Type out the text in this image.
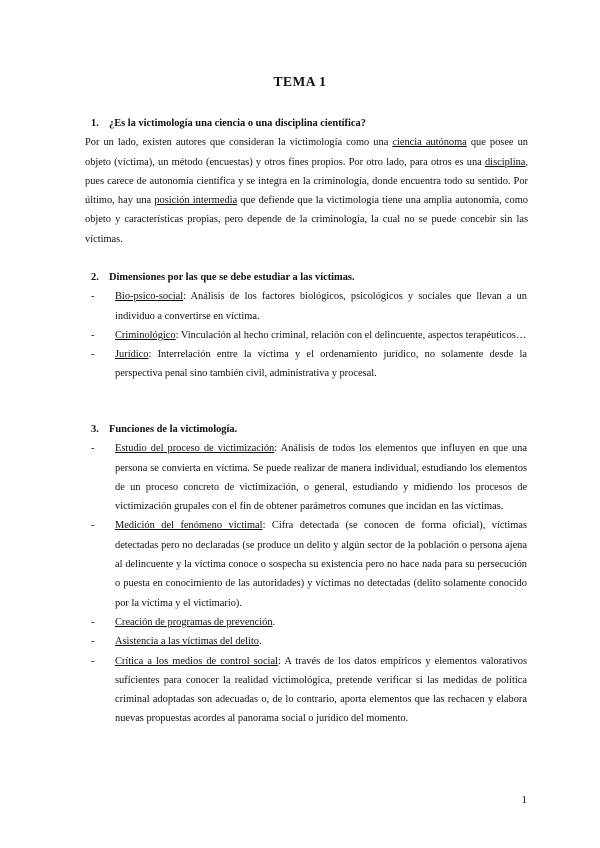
TEMA 1
1. ¿Es la victimología una ciencia o una disciplina científica?
Por un lado, existen autores que consideran la victimología como una ciencia autónoma que posee un objeto (víctima), un método (encuestas) y otros fines propios. Por otro lado, para otros es una disciplina, pues carece de autonomía científica y se integra en la criminología, donde encuentra todo su sentido. Por último, hay una posición intermedia que defiende que la victimología tiene una amplia autonomía, como objeto y características propias, pero depende de la criminología, la cual no se puede concebir sin las víctimas.
2. Dimensiones por las que se debe estudiar a las víctimas.
- Bio-psico-social: Análisis de los factores biológicos, psicológicos y sociales que llevan a un individuo a convertirse en víctima.
- Criminológico: Vinculación al hecho criminal, relación con el delincuente, aspectos terapéuticos…
- Jurídico: Interrelación entre la víctima y el ordenamiento jurídico, no solamente desde la perspectiva penal sino también civil, administrativa y procesal.
3. Funciones de la victimología.
- Estudio del proceso de victimización: Análisis de todos los elementos que influyen en que una persona se convierta en víctima. Se puede realizar de manera individual, estudiando los elementos de un proceso concreto de victimización, o general, estudiando y midiendo los procesos de victimización grupales con el fin de obtener parámetros comunes que incidan en las víctimas.
- Medición del fenómeno victimal: Cifra detectada (se conocen de forma oficial), víctimas detectadas pero no declaradas (se produce un delito y algún sector de la población o persona ajena al delincuente y la víctima conoce o sospecha su existencia pero no hace nada para su persecución o puesta en conocimiento de las autoridades) y víctimas no detectadas (delito solamente conocido por la víctima y el victimario).
- Creación de programas de prevención.
- Asistencia a las víctimas del delito.
- Crítica a los medios de control social: A través de los datos empíricos y elementos valorativos suficientes para conocer la realidad victimológica, pretende verificar si las medidas de política criminal adoptadas son adecuadas o, de lo contrario, aporta elementos que las rechacen y elabora nuevas propuestas acordes al panorama social o jurídico del momento.
1
